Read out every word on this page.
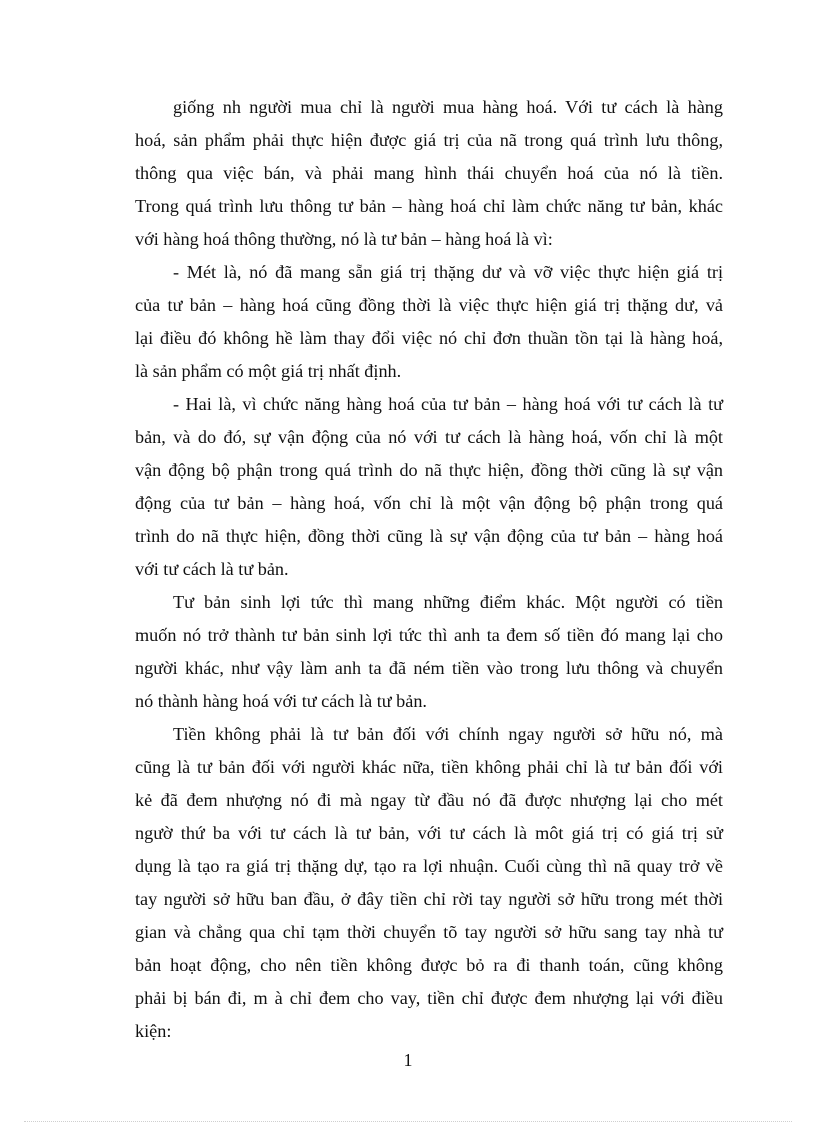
giống nh người mua chỉ là người mua hàng hoá. Với tư cách là hàng
hoá, sản phẩm phải thực hiện được giá trị của nã trong quá trình lưu thông,
thông qua việc bán, và phải mang hình thái chuyển hoá của nó là tiền.
Trong quá trình lưu thông tư bản – hàng hoá chỉ làm chức năng tư bản, khác
với hàng hoá thông thường, nó là tư bản – hàng hoá là vì:
- Mét là, nó đã mang sẵn giá trị thặng dư và vỡ việc thực hiện giá trị
của tư bản – hàng hoá cũng đồng thời là việc thực hiện giá trị thặng dư, vả
lại điều đó không hề làm thay đổi việc nó chỉ đơn thuần tồn tại là hàng hoá,
là sản phẩm có một giá trị nhất định.
- Hai là, vì chức năng hàng hoá của tư bản – hàng hoá với tư cách là tư
bản, và do đó, sự vận động của nó với tư cách là hàng hoá, vốn chỉ là một
vận động bộ phận trong quá trình do nã thực hiện, đồng thời cũng là sự vận
động của tư bản – hàng hoá, vốn chỉ là một vận động bộ phận trong quá
trình do nã thực hiện, đồng thời cũng là sự vận động của tư bản – hàng hoá
với tư cách là tư bản.
Tư bản sinh lợi tức thì mang những điểm khác. Một người có tiền
muốn nó trở thành tư bản sinh lợi tức thì anh ta đem số tiền đó mang lại cho
người khác, như vậy làm anh ta đã ném tiền vào trong lưu thông và chuyển
nó thành hàng hoá với tư cách là tư bản.
Tiền không phải là tư bản đối với chính ngay người sở hữu nó, mà
cũng là tư bản đối với người khác nữa, tiền không phải chỉ là tư bản đối với
kẻ đã đem nhượng nó đi mà ngay từ đầu nó đã được nhượng lại cho mét
ngườ thứ ba với tư cách là tư bản, với tư cách là môt giá trị có giá trị sử
dụng là tạo ra giá trị thặng dự, tạo ra lợi nhuận. Cuối cùng thì nã quay trở về
tay người sở hữu ban đầu, ở đây tiền chỉ rời tay người sở hữu trong mét thời
gian và chẳng qua chỉ tạm thời chuyển tõ tay người sở hữu sang tay nhà tư
bản hoạt động, cho nên tiền không được bỏ ra đi thanh toán, cũng không
phải bị bán đi, m à chỉ đem cho vay, tiền chỉ được đem nhượng lại với điều
kiện:
1
